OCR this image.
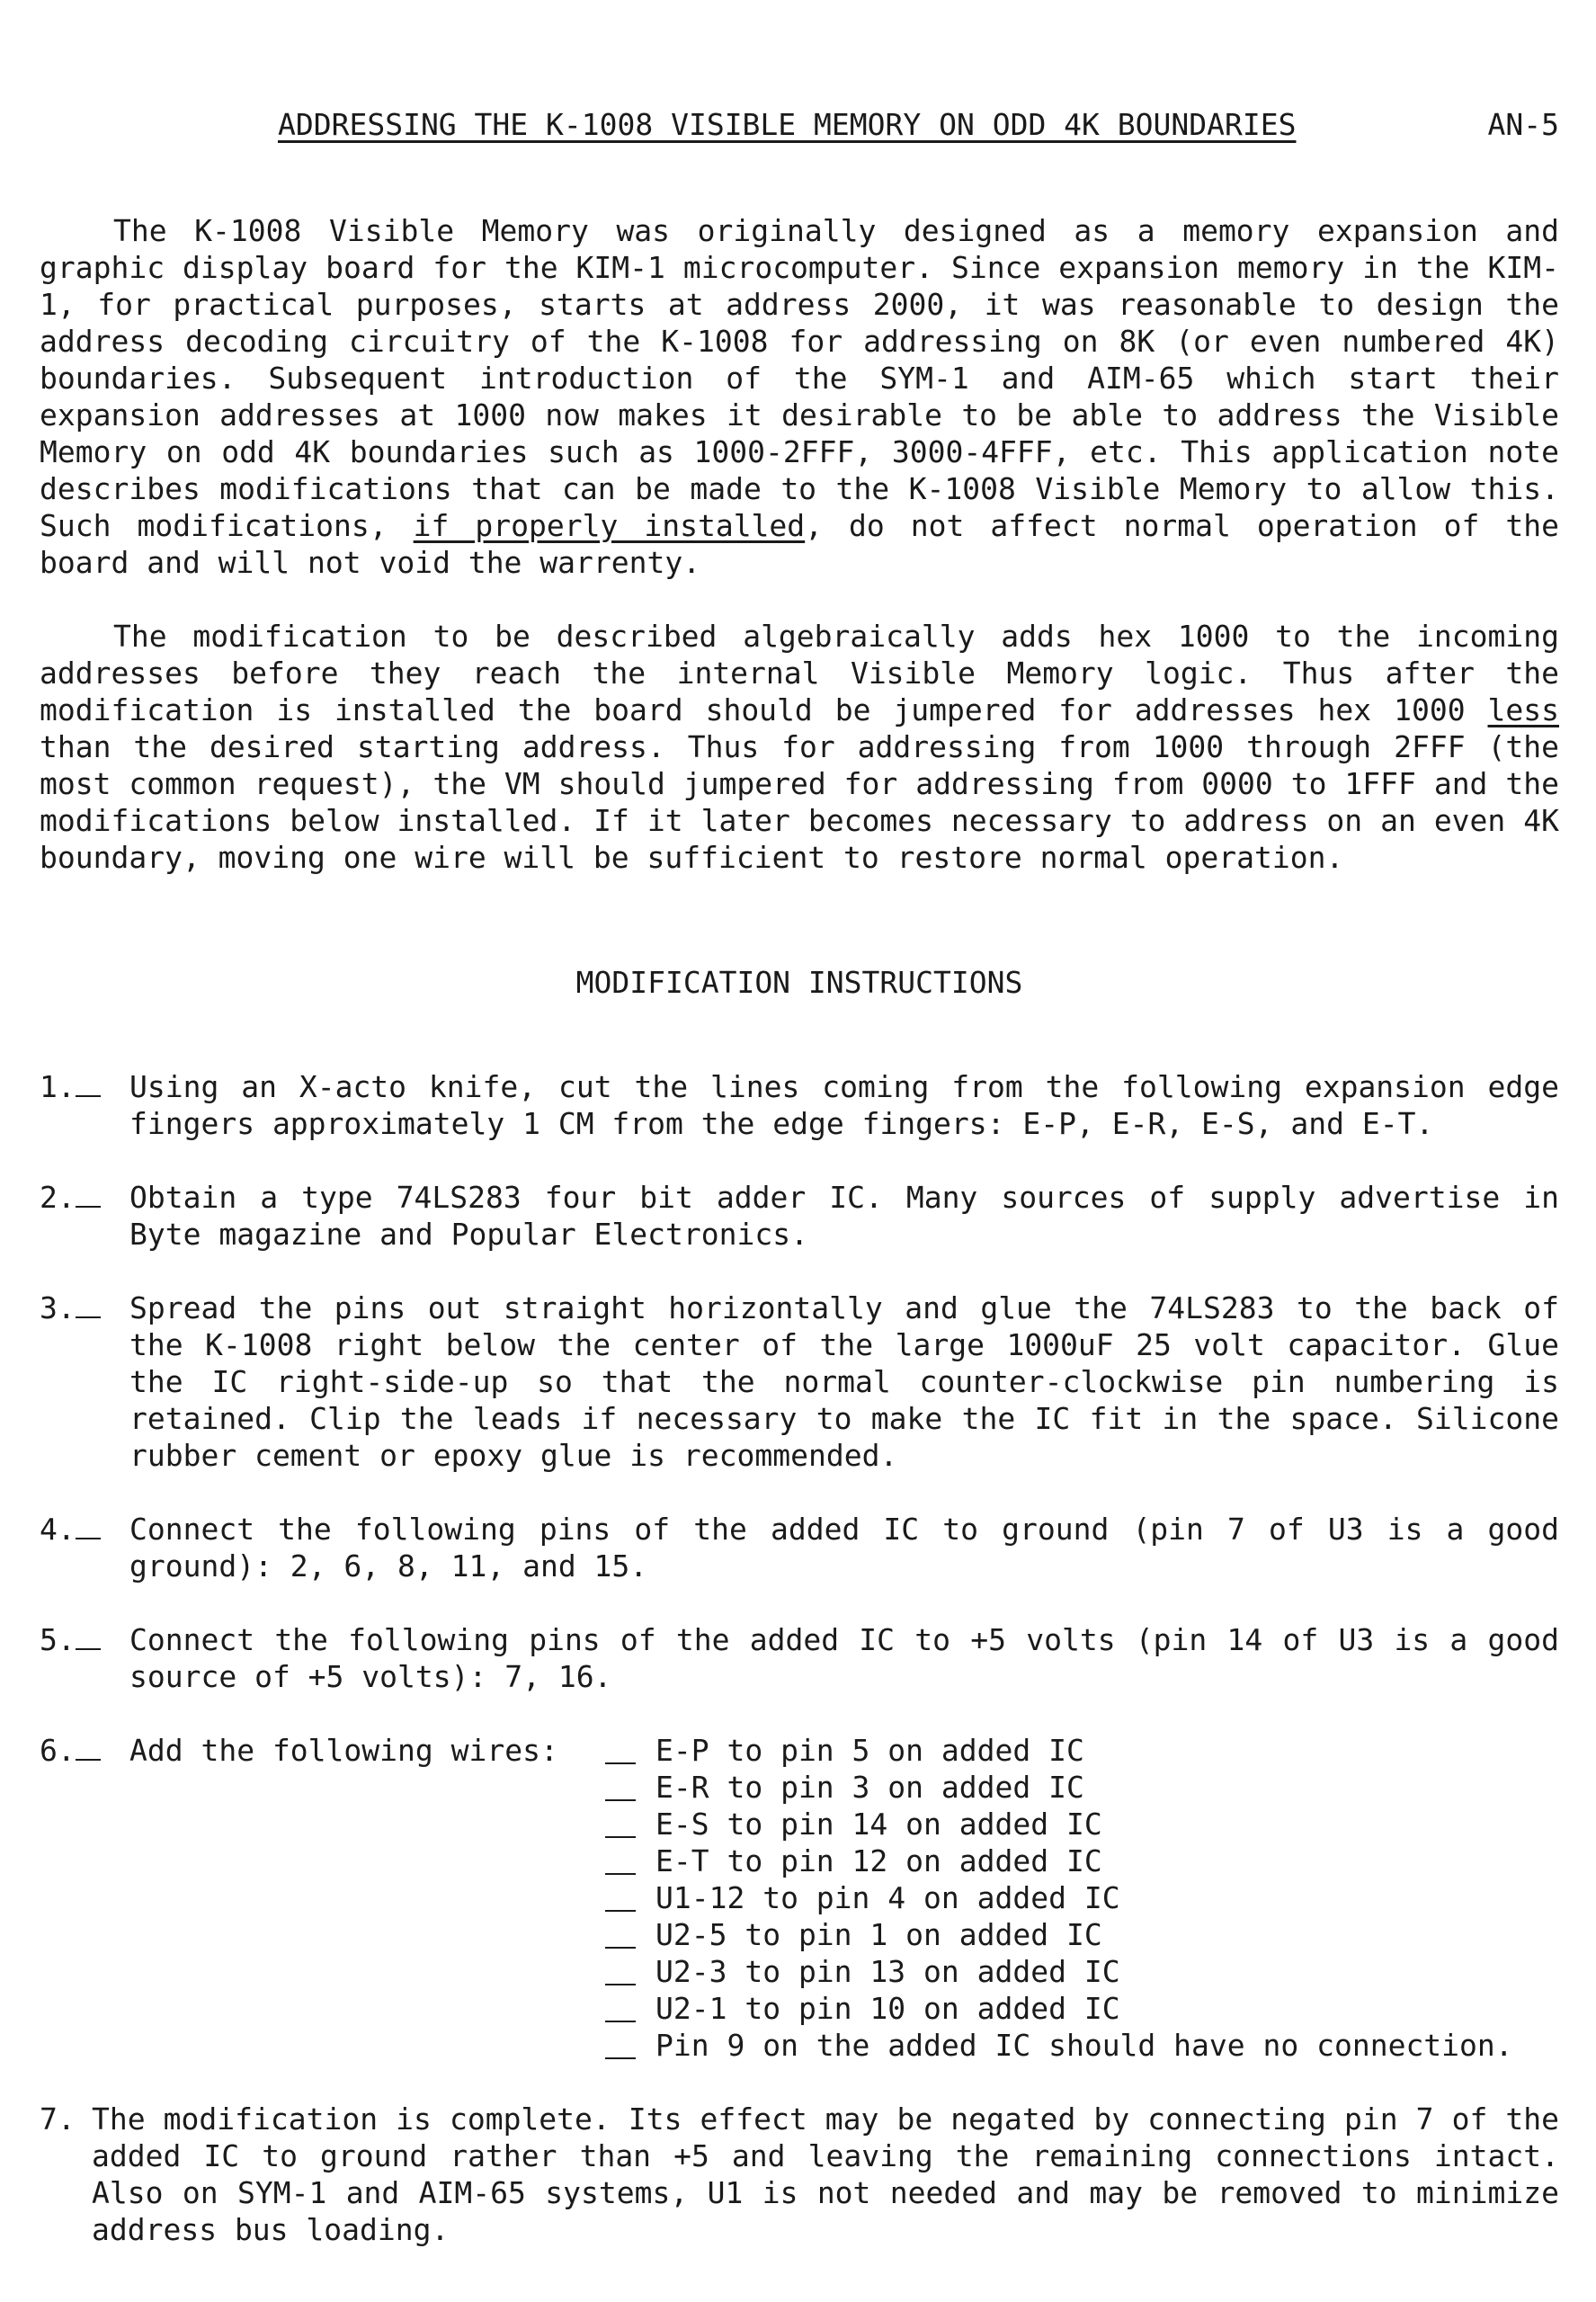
ADDRESSING THE K-1008 VISIBLE MEMORY ON ODD 4K BOUNDARIES	AN-5

The K-1008 Visible Memory was originally designed as a memory expansion and graphic display board for the KIM-1 microcomputer. Since expansion memory in the KIM-1, for practical purposes, starts at address 2000, it was reasonable to design the address decoding circuitry of the K-1008 for addressing on 8K (or even numbered 4K) boundaries. Subsequent introduction of the SYM-1 and AIM-65 which start their expansion addresses at 1000 now makes it desirable to be able to address the Visible Memory on odd 4K boundaries such as 1000-2FFF, 3000-4FFF, etc. This application note describes modifications that can be made to the K-1008 Visible Memory to allow this. Such modifications, if properly installed, do not affect normal operation of the board and will not void the warrenty.

The modification to be described algebraically adds hex 1000 to the incoming addresses before they reach the internal Visible Memory logic. Thus after the modification is installed the board should be jumpered for addresses hex 1000 less than the desired starting address. Thus for addressing from 1000 through 2FFF (the most common request), the VM should jumpered for addressing from 0000 to 1FFF and the modifications below installed. If it later becomes necessary to address on an even 4K boundary, moving one wire will be sufficient to restore normal operation.

MODIFICATION INSTRUCTIONS
1.	Using an X-acto knife, cut the lines coming from the following expansion edge fingers approximately 1 CM from the edge fingers: E-P, E-R, E-S, and E-T.
2.	Obtain a type 74LS283 four bit adder IC. Many sources of supply advertise in Byte magazine and Popular Electronics.
3.	Spread the pins out straight horizontally and glue the 74LS283 to the back of the K-1008 right below the center of the large 1000uF 25 volt capacitor. Glue the IC right-side-up so that the normal counter-clockwise pin numbering is retained. Clip the leads if necessary to make the IC fit in the space. Silicone rubber cement or epoxy glue is recommended.
4.	Connect the following pins of the added IC to ground (pin 7 of U3 is a good ground): 2, 6, 8, 11, and 15.
5.	Connect the following pins of the added IC to +5 volts (pin 14 of U3 is a good source of +5 volts): 7, 16.
6.	Add the following wires:	E-P to pin 5 on added IC
E-R to pin 3 on added IC
E-S to pin 14 on added IC
E-T to pin 12 on added IC
U1-12 to pin 4 on added IC
U2-5 to pin 1 on added IC
U2-3 to pin 13 on added IC
U2-1 to pin 10 on added IC
Pin 9 on the added IC should have no connection.
7. The modification is complete. Its effect may be negated by connecting pin 7 of the added IC to ground rather than +5 and leaving the remaining connections intact. Also on SYM-1 and AIM-65 systems, U1 is not needed and may be removed to minimize address bus loading.
